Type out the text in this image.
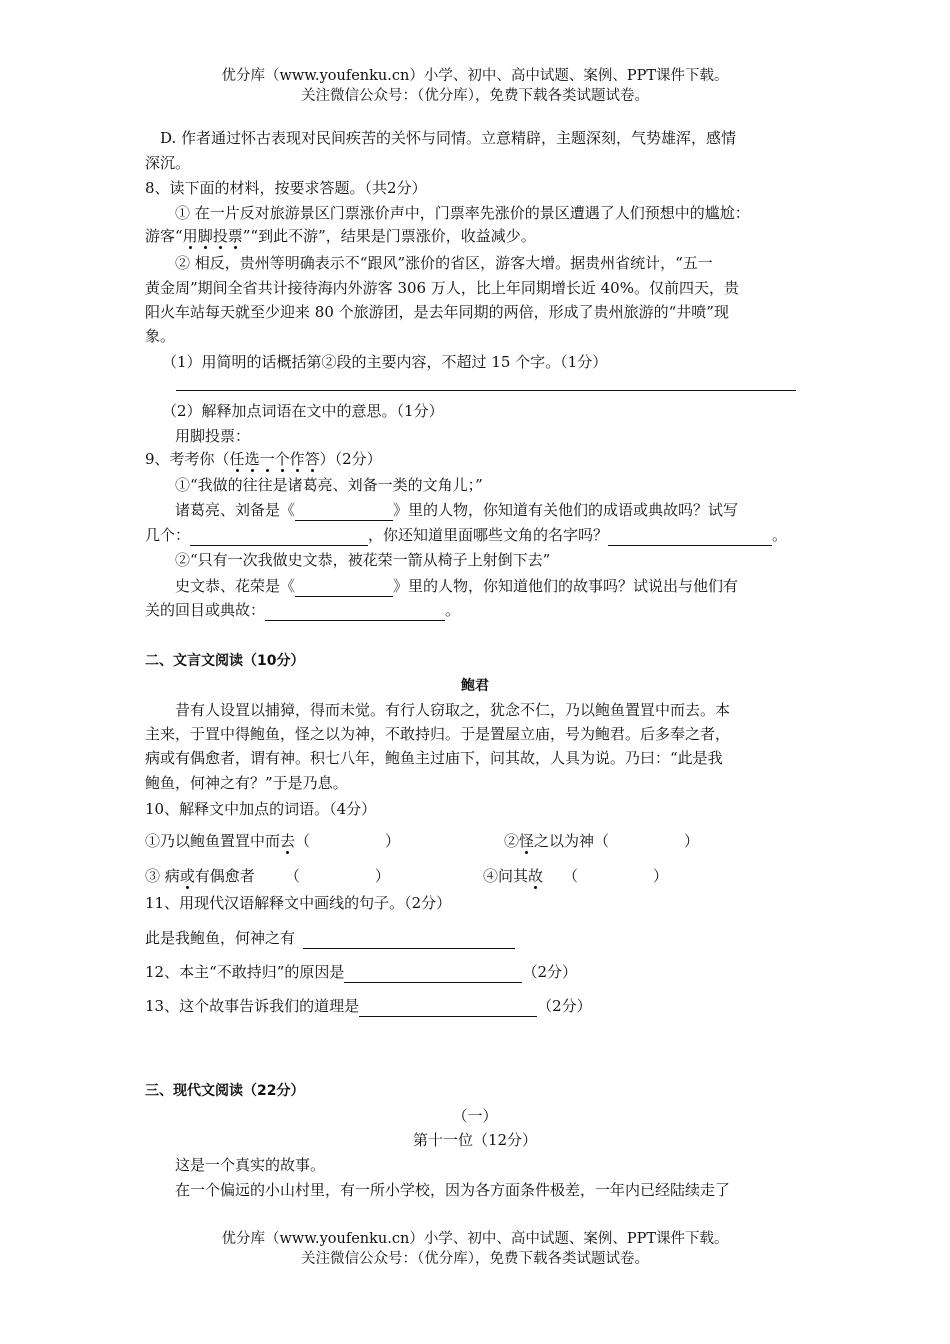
优分库（www.youfenku.cn）小学、初中、高中试题、案例、PPT课件下载。
关注微信公众号：（优分库），免费下载各类试题试卷。
D. 作者通过怀古表现对民间疾苦的关怀与同情。立意精辟，主题深刻，气势雄浑，感情
深沉。
8、读下面的材料，按要求答题。（共2分）
① 在一片反对旅游景区门票涨价声中，门票率先涨价的景区遭遇了人们预想中的尴尬：
游客“用脚投票”“到此不游”，结果是门票涨价，收益减少。
② 相反，贵州等明确表示不“跟风”涨价的省区，游客大增。据贵州省统计，“五一
黄金周”期间全省共计接待海内外游客 306 万人，比上年同期增长近 40%。仅前四天，贵
阳火车站每天就至少迎来 80 个旅游团，是去年同期的两倍，形成了贵州旅游的“井喷”现
象。
（1）用简明的话概括第②段的主要内容，不超过 15 个字。（1分）
（2）解释加点词语在文中的意思。（1分）
用脚投票：
9、考考你（任选一个作答）（2分）
①“我做的往往是诸葛亮、刘备一类的文角儿；”
诸葛亮、刘备是《	》里的人物，你知道有关他们的成语或典故吗？试写
几个：	，你还知道里面哪些文角的名字吗？	。
②“只有一次我做史文恭，被花荣一箭从椅子上射倒下去”
史文恭、花荣是《	》里的人物，你知道他们的故事吗？试说出与他们有
关的回目或典故：	。
二、文言文阅读（10分）
鲍君
昔有人设罝以捕獐，得而未觉。有行人窃取之，犹念不仁，乃以鲍鱼置罝中而去。本
主来，于罝中得鲍鱼，怪之以为神，不敢持归。于是置屋立庙，号为鲍君。后多奉之者，
病或有偶愈者，谓有神。积七八年，鲍鱼主过庙下，问其故，人具为说。乃曰：“此是我
鲍鱼，何神之有？”于是乃息。
10、解释文中加点的词语。（4分）
①乃以鲍鱼置罝中而去（　　　　　）	②怪之以为神（　　　　　）
③ 病或有偶愈者 （　　　　　）	④问其故 （　　　　　）
11、用现代汉语解释文中画线的句子。（2分）
此是我鲍鱼，何神之有
12、本主“不敢持归”的原因是	（2分）
13、这个故事告诉我们的道理是	（2分）
三、现代文阅读（22分）
（一）
第十一位（12分）
这是一个真实的故事。
在一个偏远的小山村里，有一所小学校，因为各方面条件极差，一年内已经陆续走了
优分库（www.youfenku.cn）小学、初中、高中试题、案例、PPT课件下载。
关注微信公众号：（优分库），免费下载各类试题试卷。
